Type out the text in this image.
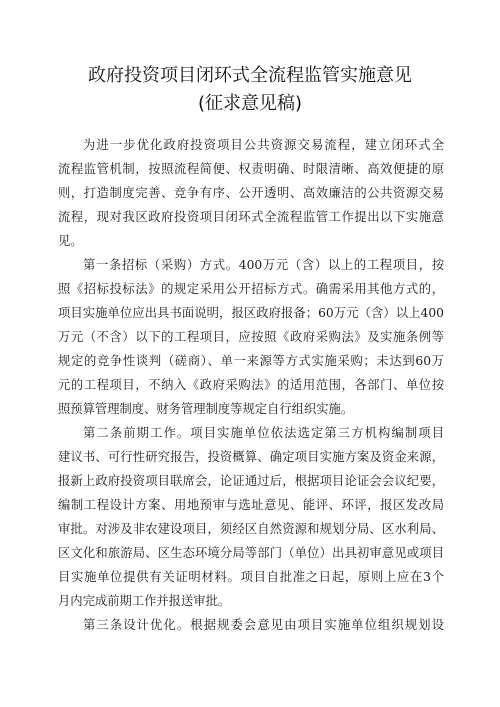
政府投资项目闭环式全流程监管实施意见
(征求意见稿)
为进一步优化政府投资项目公共资源交易流程，建立闭环式全
流程监管机制，按照流程简便、权责明确、时限清晰、高效便捷的原
则，打造制度完善、竞争有序、公开透明、高效廉洁的公共资源交易
流程，现对我区政府投资项目闭环式全流程监管工作提出以下实施意
见。
第一条招标（采购）方式。400万元（含）以上的工程项目，按
照《招标投标法》的规定采用公开招标方式。确需采用其他方式的，
项目实施单位应出具书面说明，报区政府报备；60万元（含）以上400
万元（不含）以下的工程项目，应按照《政府采购法》及实施条例等
规定的竞争性谈判（磋商）、单一来源等方式实施采购；未达到60万
元的工程项目，不纳入《政府采购法》的适用范围，各部门、单位按
照预算管理制度、财务管理制度等规定自行组织实施。
第二条前期工作。项目实施单位依法选定第三方机构编制项目
建议书、可行性研究报告，投资概算、确定项目实施方案及资金来源，
报新上政府投资项目联席会，论证通过后，根据项目论证会会议纪要，
编制工程设计方案、用地预审与选址意见、能评、环评，报区发改局
审批。对涉及非农建设项目，须经区自然资源和规划分局、区水利局、
区文化和旅游局、区生态环境分局等部门（单位）出具初审意见或项目
目实施单位提供有关证明材料。项目自批准之日起，原则上应在3个
月内完成前期工作并报送审批。
第三条设计优化。根据规委会意见由项目实施单位组织规划设
